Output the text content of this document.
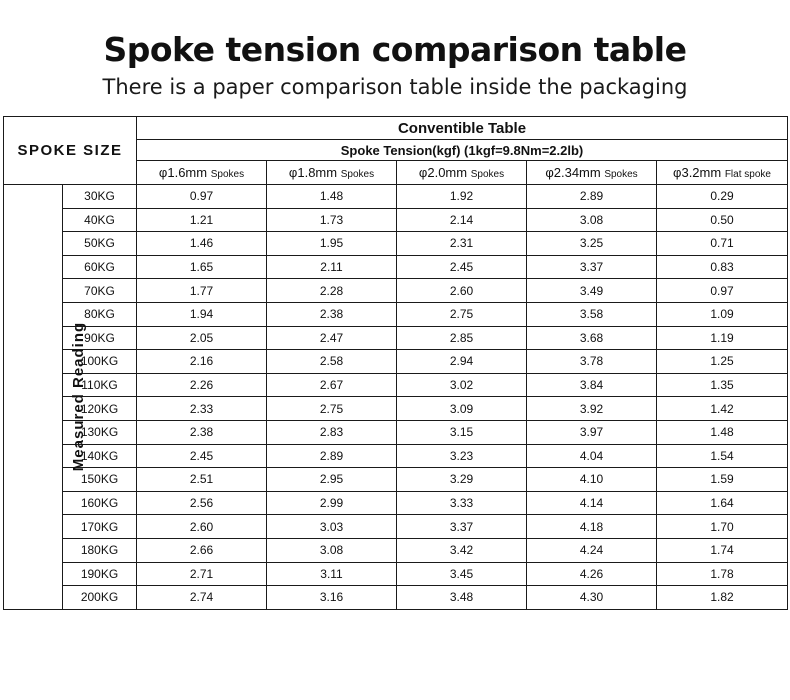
Spoke tension comparison table
There is a paper comparison table inside the packaging
SPOKE SIZE		Conventible Table				
		Spoke Tension(kgf) (1kgf=9.8Nm=2.2lb)				
		φ1.6mm Spokes	φ1.8mm Spokes	φ2.0mm Spokes	φ2.34mm Spokes	φ3.2mm Flat spoke
Measured Reading	30KG	0.97	1.48	1.92	2.89	0.29
	40KG	1.21	1.73	2.14	3.08	0.50
	50KG	1.46	1.95	2.31	3.25	0.71
	60KG	1.65	2.11	2.45	3.37	0.83
	70KG	1.77	2.28	2.60	3.49	0.97
	80KG	1.94	2.38	2.75	3.58	1.09
	90KG	2.05	2.47	2.85	3.68	1.19
	100KG	2.16	2.58	2.94	3.78	1.25
	110KG	2.26	2.67	3.02	3.84	1.35
	120KG	2.33	2.75	3.09	3.92	1.42
	130KG	2.38	2.83	3.15	3.97	1.48
	140KG	2.45	2.89	3.23	4.04	1.54
	150KG	2.51	2.95	3.29	4.10	1.59
	160KG	2.56	2.99	3.33	4.14	1.64
	170KG	2.60	3.03	3.37	4.18	1.70
	180KG	2.66	3.08	3.42	4.24	1.74
	190KG	2.71	3.11	3.45	4.26	1.78
	200KG	2.74	3.16	3.48	4.30	1.82
